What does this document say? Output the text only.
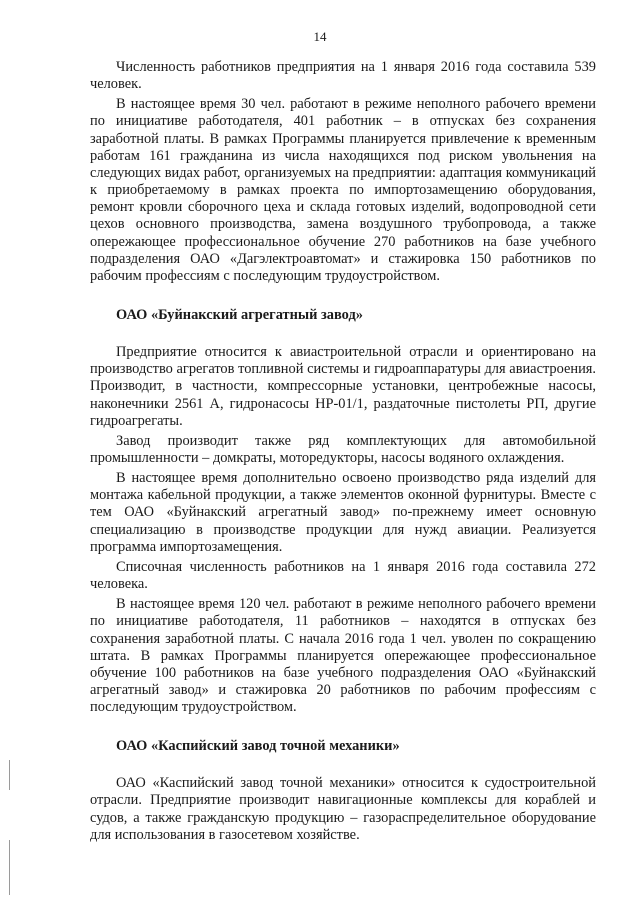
14

Численность работников предприятия на 1 января 2016 года составила 539 человек.

В настоящее время 30 чел. работают в режиме неполного рабочего времени по инициативе работодателя, 401 работник – в отпусках без сохранения заработной платы. В рамках Программы планируется привлечение к временным работам 161 гражданина из числа находящихся под риском увольнения на следующих видах работ, организуемых на предприятии: адаптация коммуникаций к приобретаемому в рамках проекта по импортозамещению оборудования, ремонт кровли сборочного цеха и склада готовых изделий, водопроводной сети цехов основного производства, замена воздушного трубопровода, а также опережающее профессиональное обучение 270 работников на базе учебного подразделения ОАО «Дагэлектроавтомат» и стажировка 150 работников по рабочим профессиям с последующим трудоустройством.

ОАО «Буйнакский агрегатный завод»

Предприятие относится к авиастроительной отрасли и ориентировано на производство агрегатов топливной системы и гидроаппаратуры для авиастроения. Производит, в частности, компрессорные установки, центробежные насосы, наконечники 2561 А, гидронасосы НР-01/1, раздаточные пистолеты РП, другие гидроагрегаты.

Завод производит также ряд комплектующих для автомобильной промышленности – домкраты, моторедукторы, насосы водяного охлаждения.

В настоящее время дополнительно освоено производство ряда изделий для монтажа кабельной продукции, а также элементов оконной фурнитуры. Вместе с тем ОАО «Буйнакский агрегатный завод» по-прежнему имеет основную специализацию в производстве продукции для нужд авиации. Реализуется программа импортозамещения.

Списочная численность работников на 1 января 2016 года составила 272 человека.

В настоящее время 120 чел. работают в режиме неполного рабочего времени по инициативе работодателя, 11 работников – находятся в отпусках без сохранения заработной платы. С начала 2016 года 1 чел. уволен по сокращению штата. В рамках Программы планируется опережающее профессиональное обучение 100 работников на базе учебного подразделения ОАО «Буйнакский агрегатный завод» и стажировка 20 работников по рабочим профессиям с последующим трудоустройством.

ОАО «Каспийский завод точной механики»

ОАО «Каспийский завод точной механики» относится к судостроительной отрасли. Предприятие производит навигационные комплексы для кораблей и судов, а также гражданскую продукцию – газораспределительное оборудование для использования в газосетевом хозяйстве.
